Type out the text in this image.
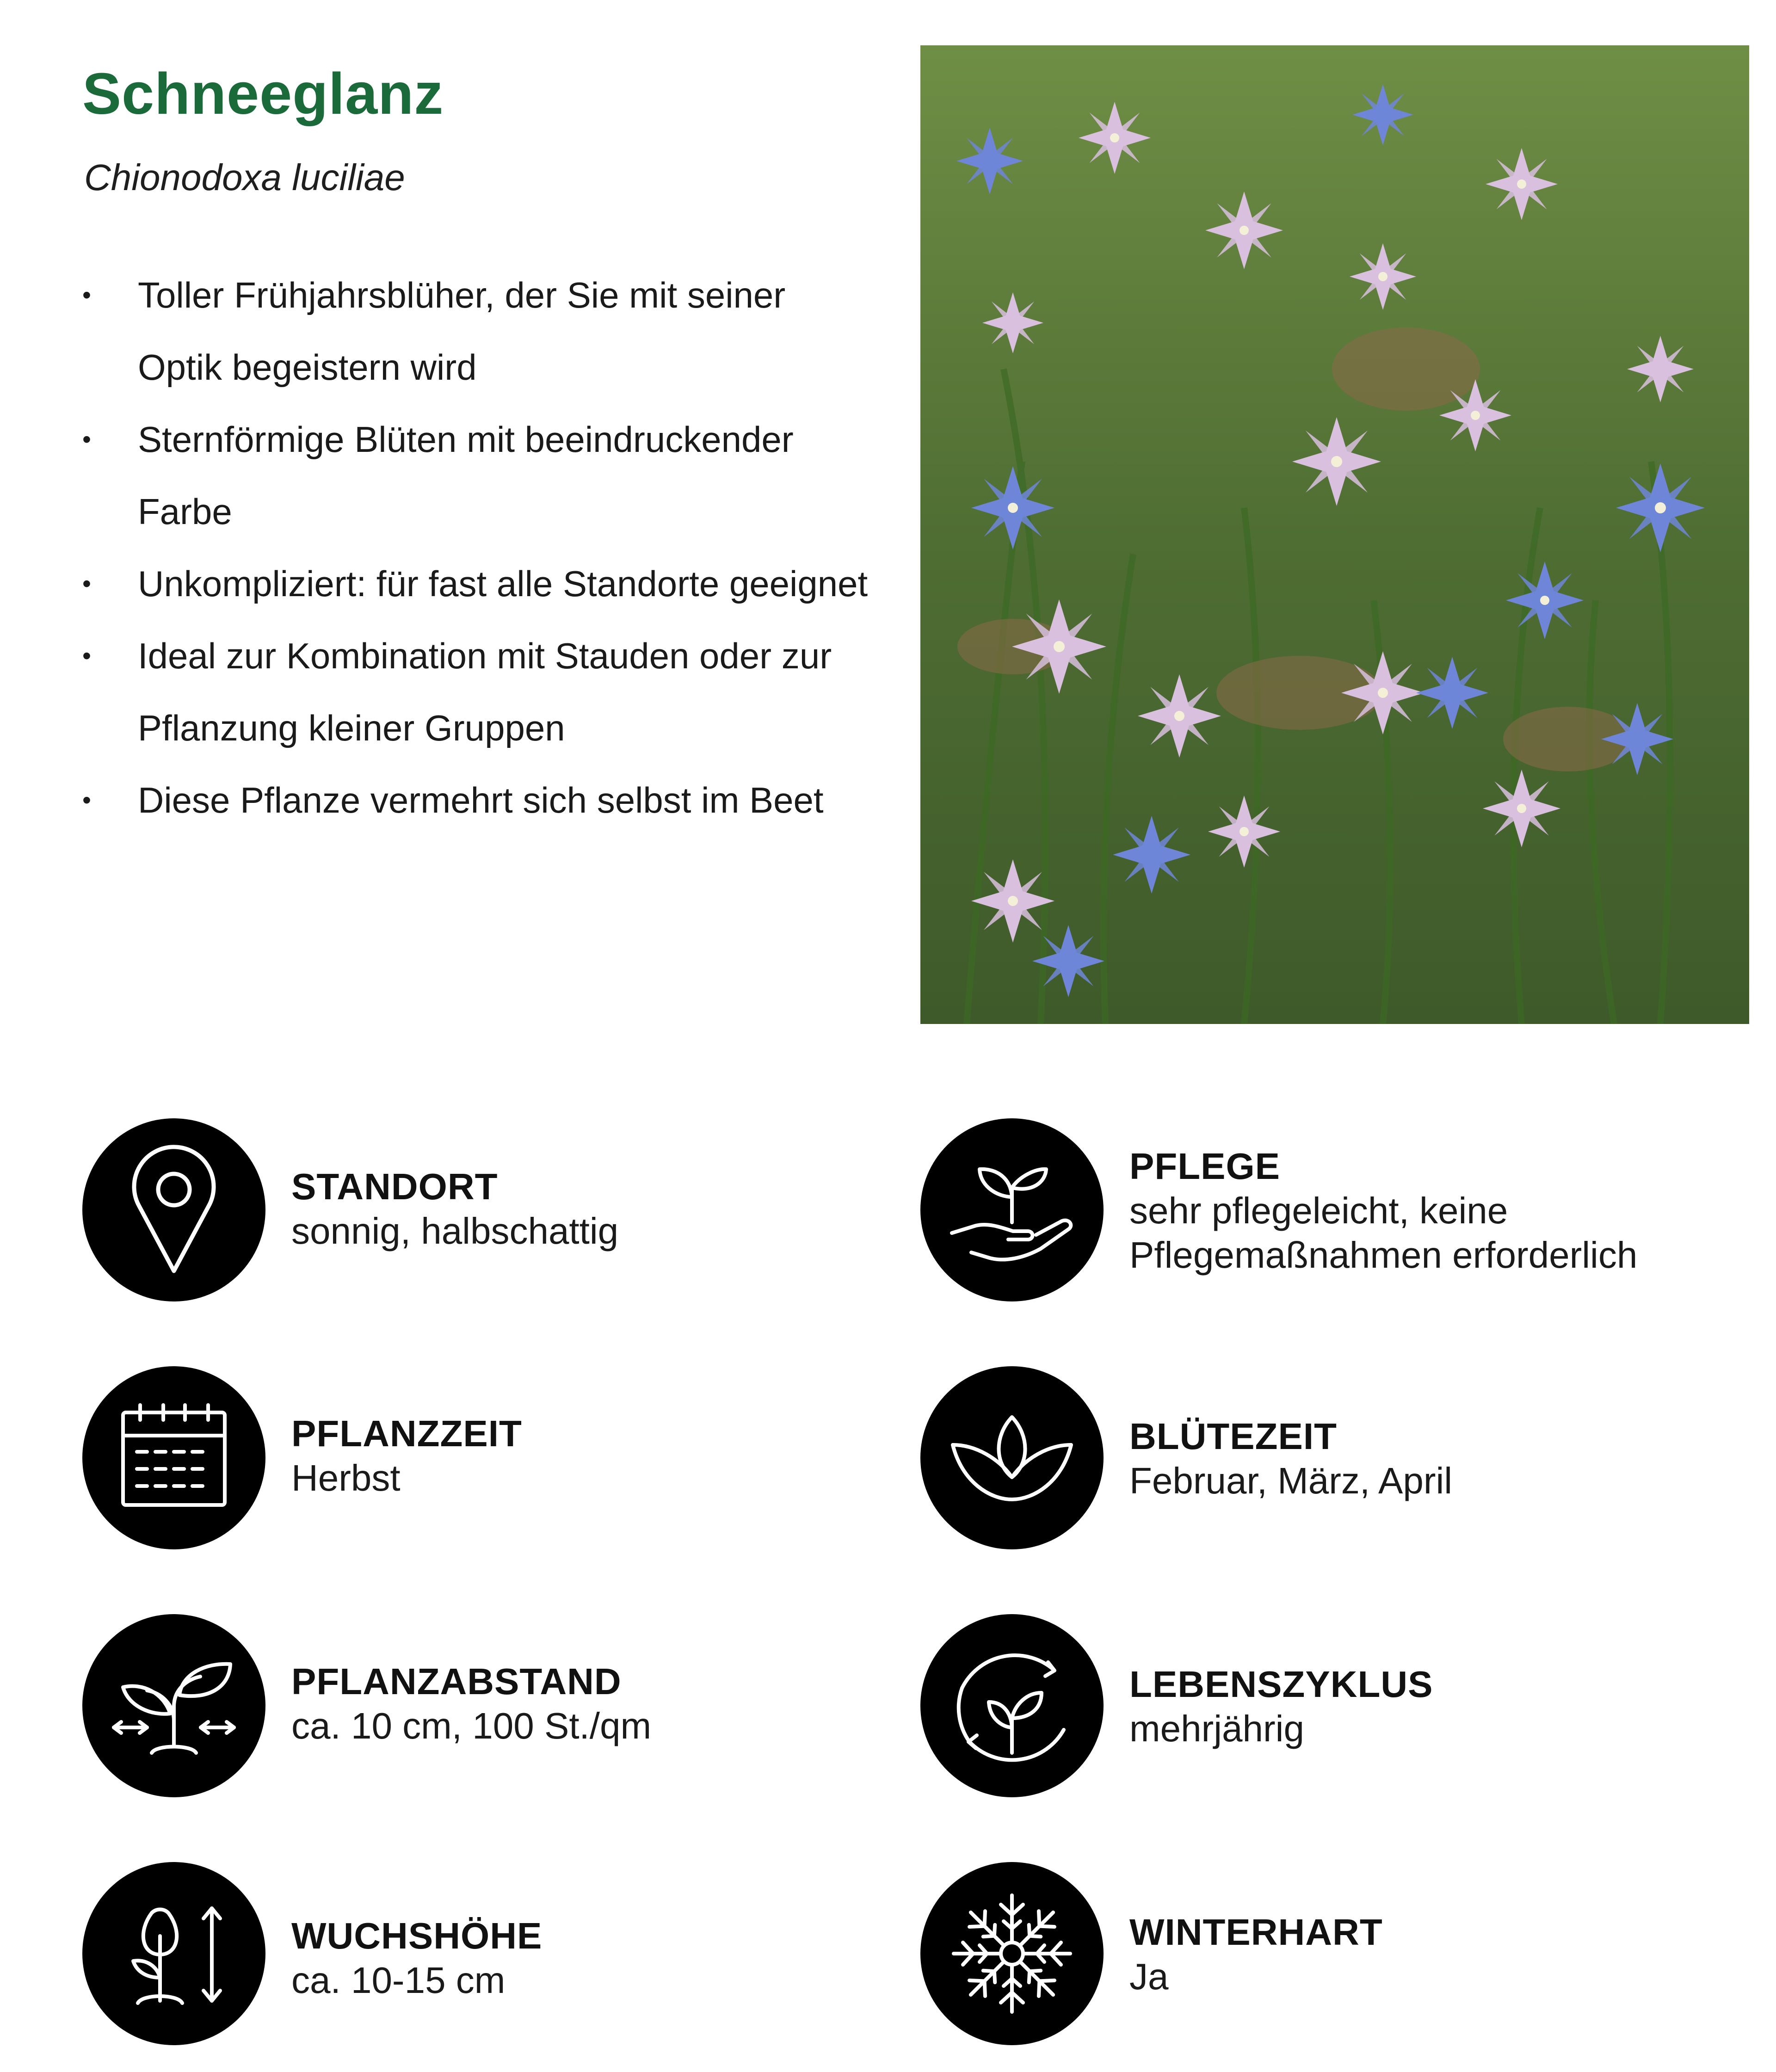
Schneeglanz

Chionodoxa luciliae

• Toller Frühjahrsblüher, der Sie mit seiner Optik begeistern wird
• Sternförmige Blüten mit beeindruckender Farbe
• Unkompliziert: für fast alle Standorte geeignet
• Ideal zur Kombination mit Stauden oder zur Pflanzung kleiner Gruppen
• Diese Pflanze vermehrt sich selbst im Beet
STANDORT
sonnig, halbschattig
PFLEGE
sehr pflegeleicht, keine Pflegemaßnahmen erforderlich
PFLANZZEIT
Herbst
BLÜTEZEIT
Februar, März, April
PFLANZABSTAND
ca. 10 cm, 100 St./qm
LEBENSZYKLUS
mehrjährig
WUCHSHÖHE
ca. 10-15 cm
WINTERHART
Ja
